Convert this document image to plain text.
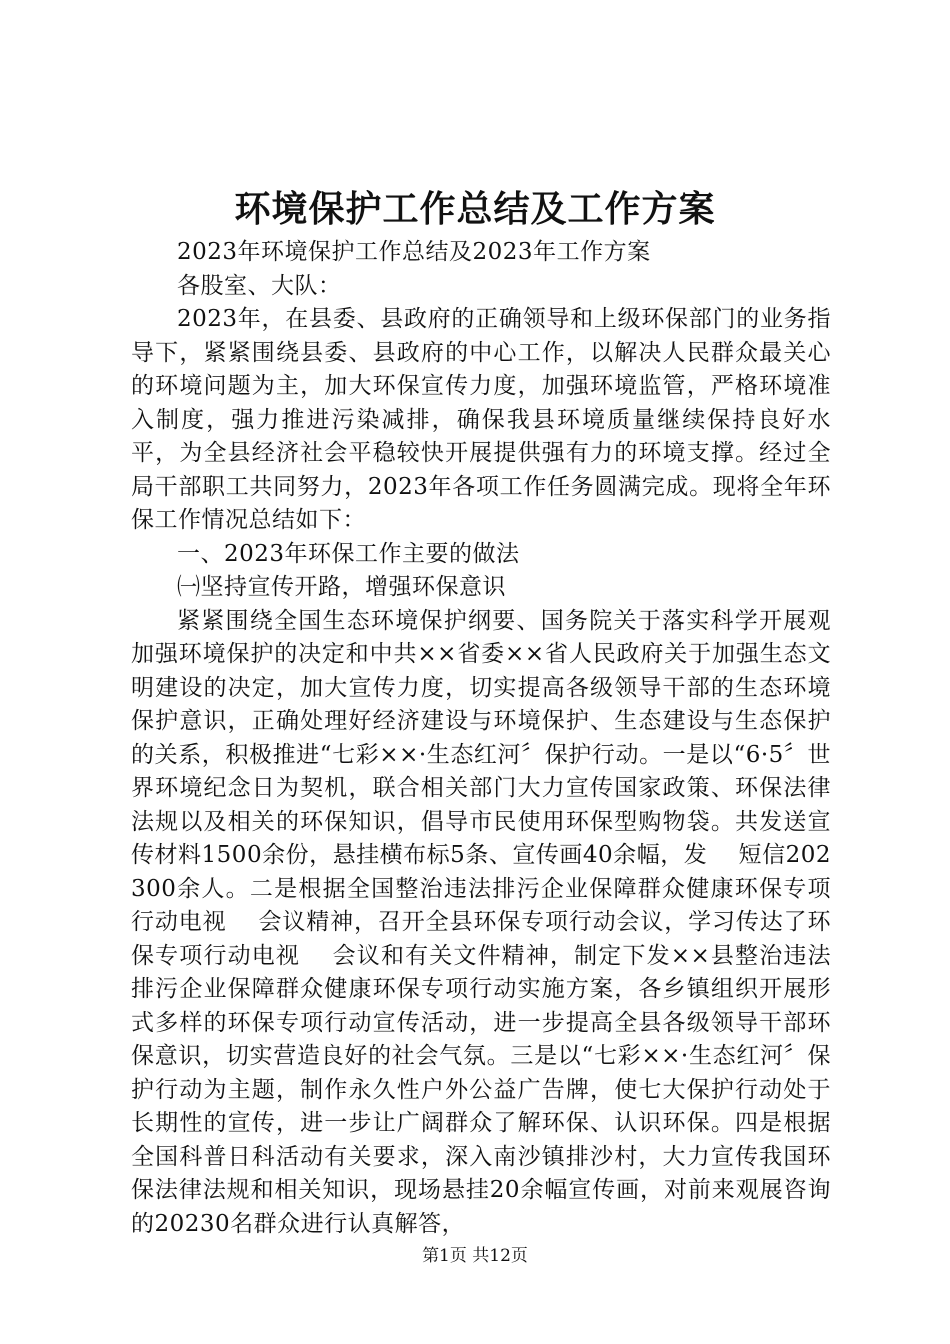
环境保护工作总结及工作方案

2023年环境保护工作总结及2023年工作方案

各股室、大队：

2023年，在县委、县政府的正确领导和上级环保部门的业务指导下，紧紧围绕县委、县政府的中心工作，以解决人民群众最关心的环境问题为主，加大环保宣传力度，加强环境监管，严格环境准入制度，强力推进污染减排，确保我县环境质量继续保持良好水平，为全县经济社会平稳较快开展提供强有力的环境支撑。经过全局干部职工共同努力，2023年各项工作任务圆满完成。现将全年环保工作情况总结如下：

一、2023年环保工作主要的做法

㈠坚持宣传开路，增强环保意识

紧紧围绕全国生态环境保护纲要、国务院关于落实科学开展观加强环境保护的决定和中共××省委××省人民政府关于加强生态文明建设的决定，加大宣传力度，切实提高各级领导干部的生态环境保护意识，正确处理好经济建设与环境保护、生态建设与生态保护的关系，积极推进“七彩××·生态红河〞保护行动。一是以“6·5〞世界环境纪念日为契机，联合相关部门大力宣传国家政策、环保法律法规以及相关的环保知识，倡导市民使用环保型购物袋。共发送宣传材料1500余份，悬挂横布标5条、宣传画40余幅，发　 短信202300余人。二是根据全国整治违法排污企业保障群众健康环保专项行动电视　 会议精神，召开全县环保专项行动会议，学习传达了环保专项行动电视　 会议和有关文件精神，制定下发××县整治违法排污企业保障群众健康环保专项行动实施方案，各乡镇组织开展形式多样的环保专项行动宣传活动，进一步提高全县各级领导干部环保意识，切实营造良好的社会气氛。三是以“七彩××·生态红河〞保护行动为主题，制作永久性户外公益广告牌，使七大保护行动处于长期性的宣传，进一步让广阔群众了解环保、认识环保。四是根据全国科普日科活动有关要求，深入南沙镇排沙村，大力宣传我国环保法律法规和相关知识，现场悬挂20余幅宣传画，对前来观展咨询的20230名群众进行认真解答，

第1页 共12页
